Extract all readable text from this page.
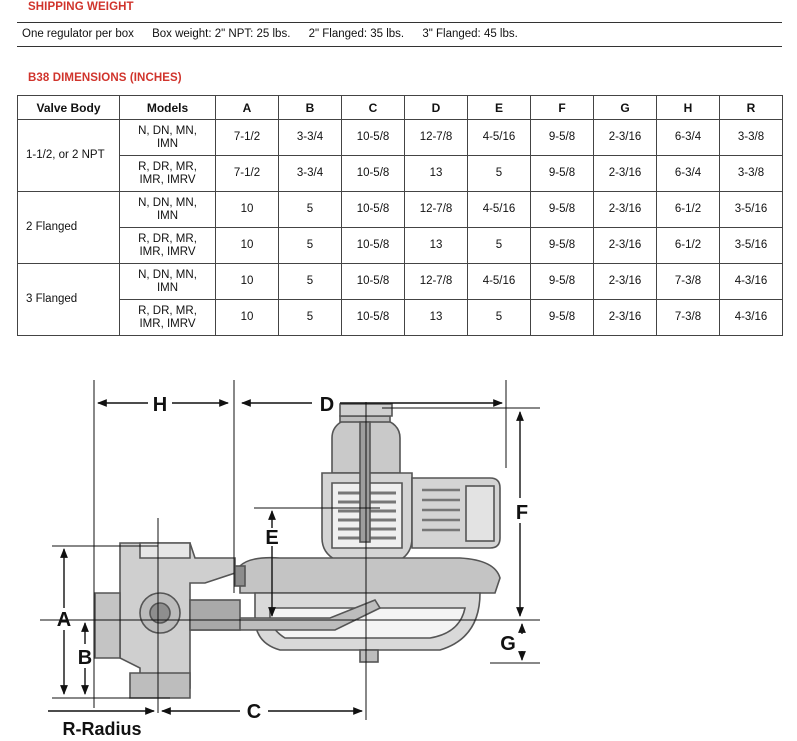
SHIPPING WEIGHT
One regulator per box Box weight: 2" NPT: 25 lbs. 2" Flanged: 35 lbs. 3" Flanged: 45 lbs.
B38 DIMENSIONS (INCHES)
Valve Body	Models	A	B	C	D	E	F	G	H	R
1-1/2, or 2 NPT	N, DN, MN,
IMN	7-1/2	3-3/4	10-5/8	12-7/8	4-5/16	9-5/8	2-3/16	6-3/4	3-3/8

	R, DR, MR,
IMR, IMRV	7-1/2	3-3/4	10-5/8	13	5	9-5/8	2-3/16	6-3/4	3-3/8
2 Flanged	N, DN, MN,
IMN	10	5	10-5/8	12-7/8	4-5/16	9-5/8	2-3/16	6-1/2	3-5/16

	R, DR, MR,
IMR, IMRV	10	5	10-5/8	13	5	9-5/8	2-3/16	6-1/2	3-5/16
3 Flanged	N, DN, MN,
IMN	10	5	10-5/8	12-7/8	4-5/16	9-5/8	2-3/16	7-3/8	4-3/16

	R, DR, MR,
IMR, IMRV	10	5	10-5/8	13	5	9-5/8	2-3/16	7-3/8	4-3/16
H	D
E
F
A
B
G
C
R-Radius
